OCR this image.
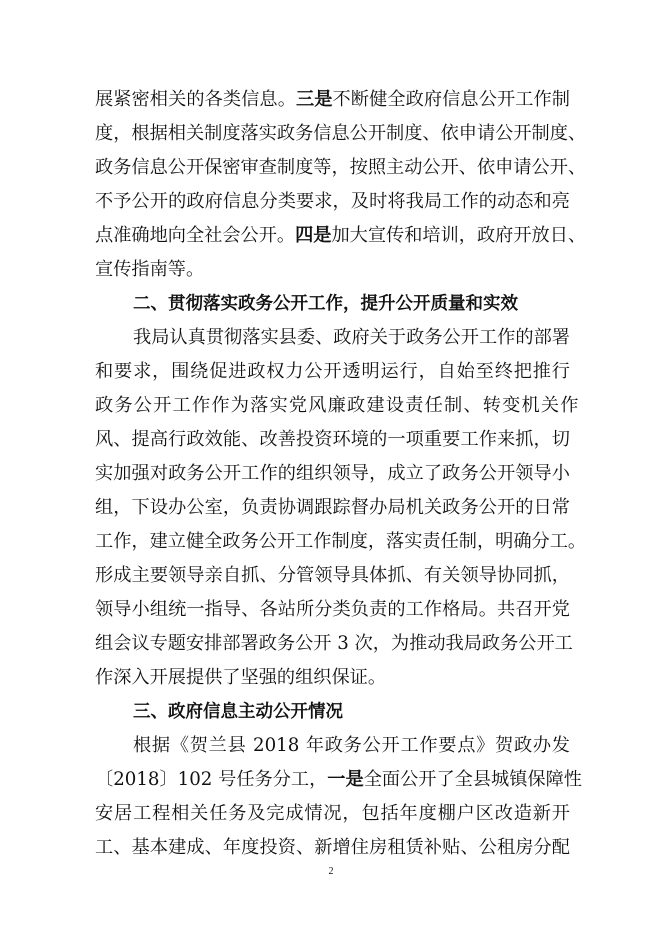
展紧密相关的各类信息。三是不断健全政府信息公开工作制
度，根据相关制度落实政务信息公开制度、依申请公开制度、
政务信息公开保密审查制度等，按照主动公开、依申请公开、
不予公开的政府信息分类要求，及时将我局工作的动态和亮
点准确地向全社会公开。四是加大宣传和培训，政府开放日、
宣传指南等。
二、贯彻落实政务公开工作，提升公开质量和实效
我局认真贯彻落实县委、政府关于政务公开工作的部署
和要求，围绕促进政权力公开透明运行，自始至终把推行
政务公开工作作为落实党风廉政建设责任制、转变机关作
风、提高行政效能、改善投资环境的一项重要工作来抓，切
实加强对政务公开工作的组织领导，成立了政务公开领导小
组，下设办公室，负责协调跟踪督办局机关政务公开的日常
工作，建立健全政务公开工作制度，落实责任制，明确分工。
形成主要领导亲自抓、分管领导具体抓、有关领导协同抓，
领导小组统一指导、各站所分类负责的工作格局。共召开党
组会议专题安排部署政务公开 3 次，为推动我局政务公开工
作深入开展提供了坚强的组织保证。
三、政府信息主动公开情况
根据《贺兰县 2018 年政务公开工作要点》贺政办发
〔2018〕102 号任务分工，一是全面公开了全县城镇保障性
安居工程相关任务及完成情况，包括年度棚户区改造新开
工、基本建成、年度投资、新增住房租赁补贴、公租房分配
2
